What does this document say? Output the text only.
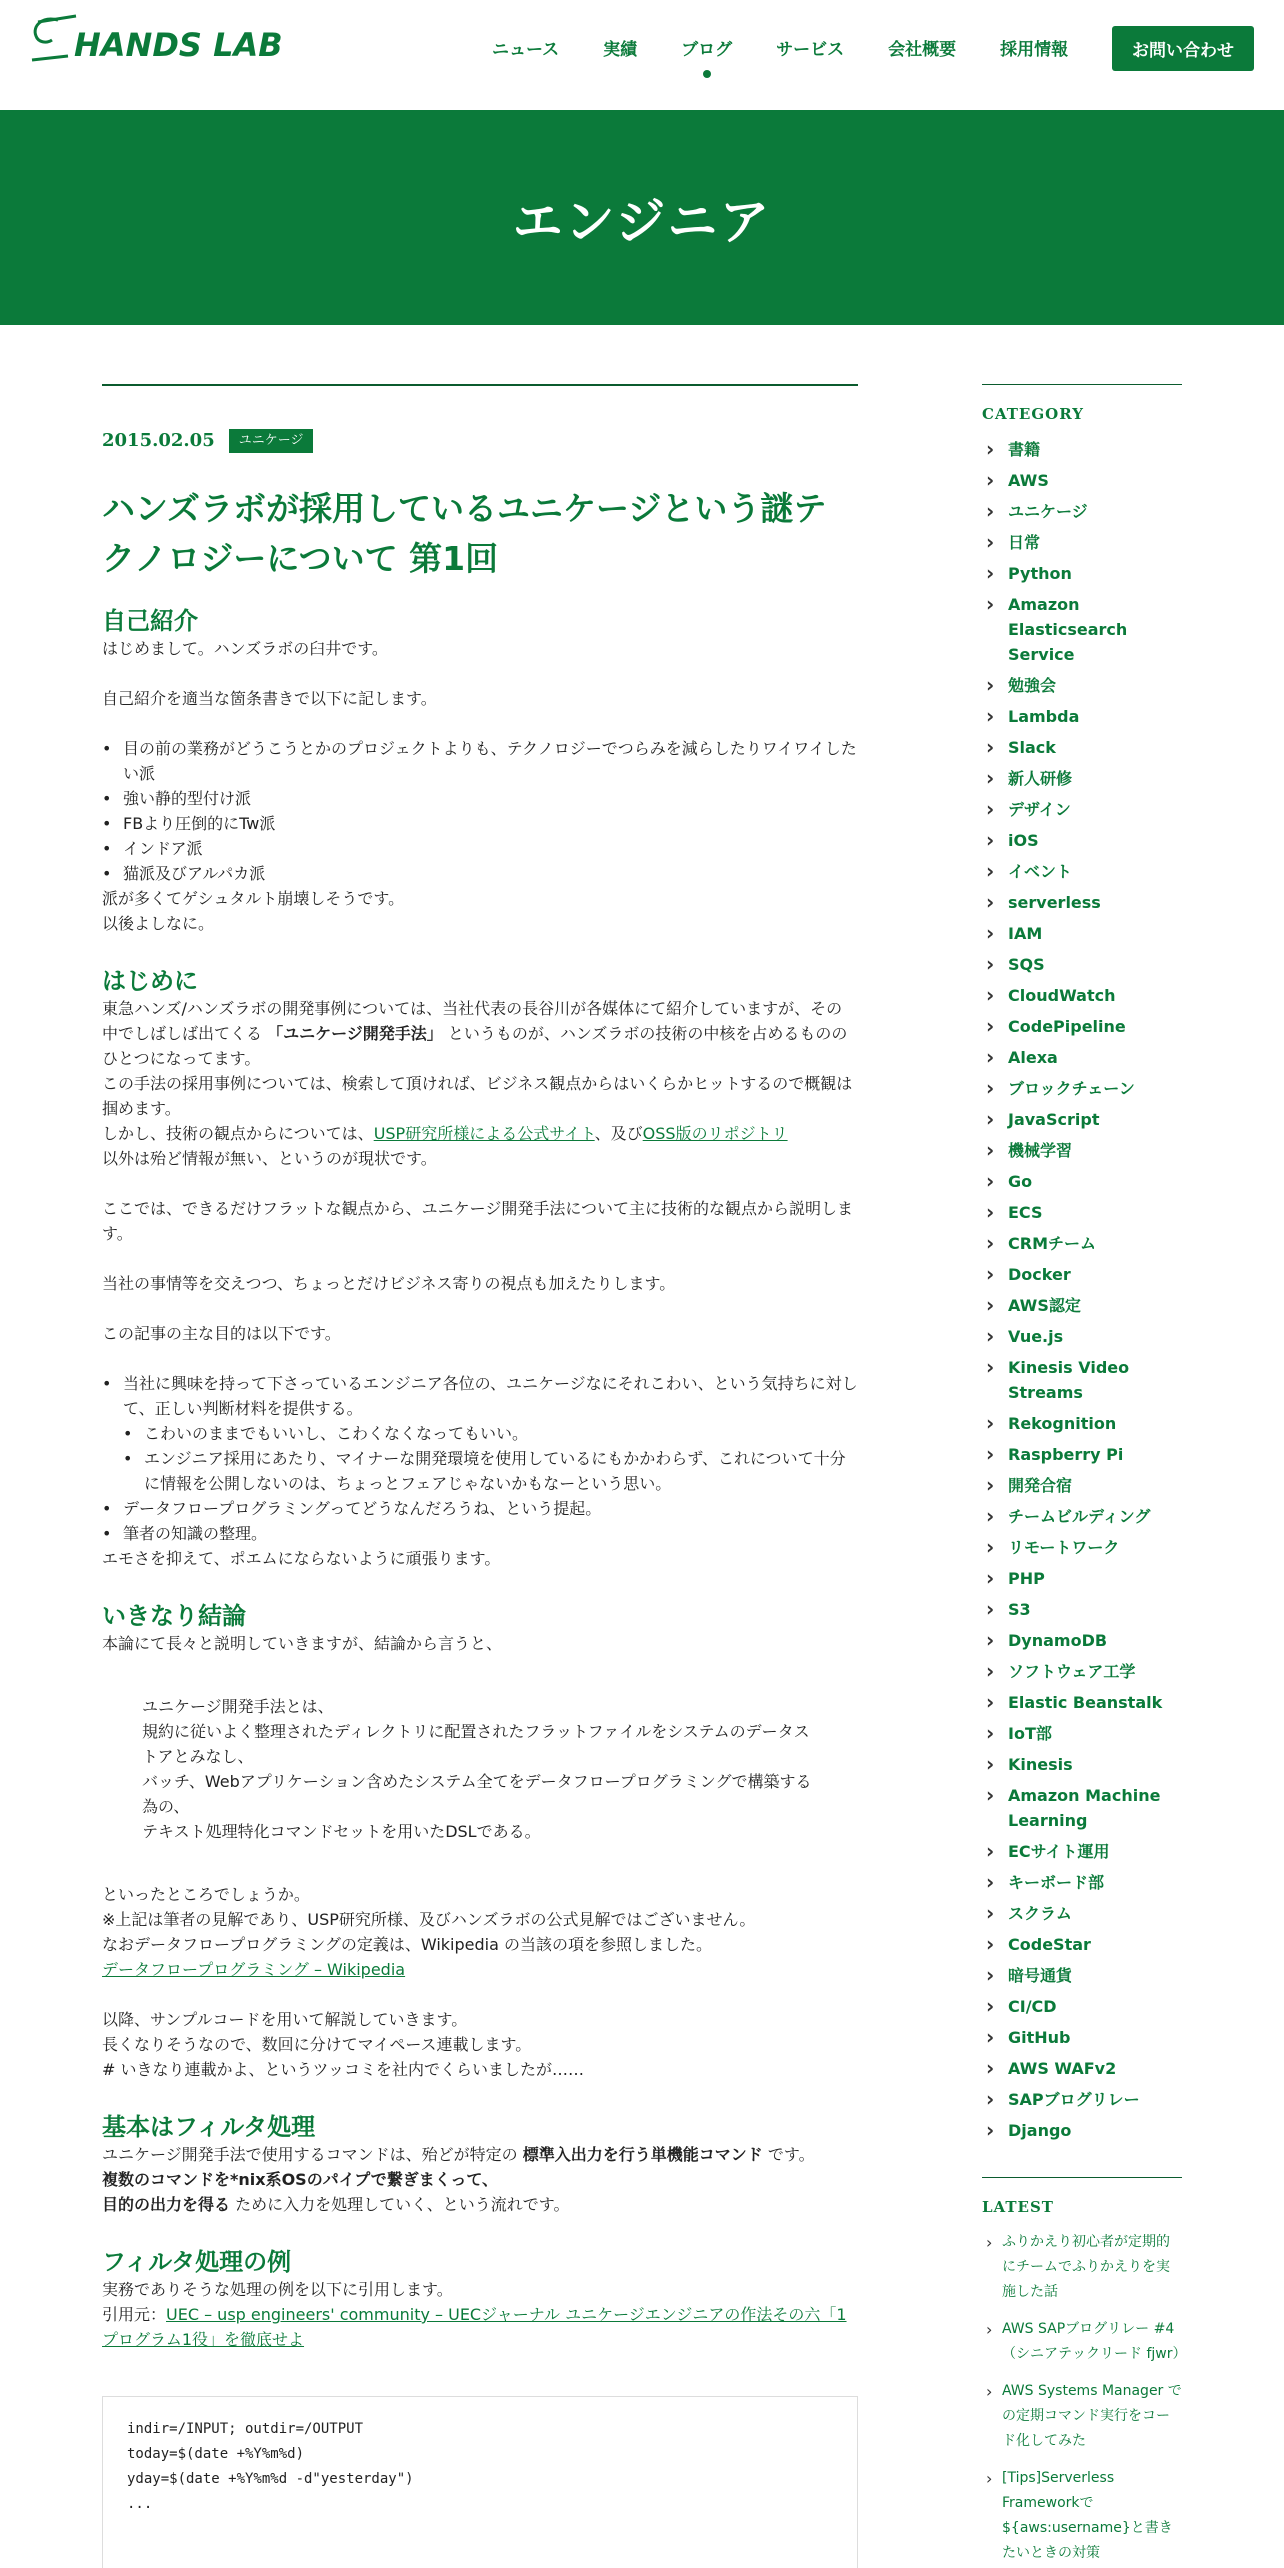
HANDS LAB	ニュース	実績	ブログ	サービス	会社概要	採用情報	お問い合わせ
エンジニア
2015.02.05	ユニケージ
ハンズラボが採用しているユニケージという謎テクノロジーについて 第1回
自己紹介

はじめまして。ハンズラボの臼井です。

自己紹介を適当な箇条書きで以下に記します。

• 目の前の業務がどうこうとかのプロジェクトよりも、テクノロジーでつらみを減らしたりワイワイしたい派
• 強い静的型付け派
• FBより圧倒的にTw派
• インドア派
• 猫派及びアルパカ派

派が多くてゲシュタルト崩壊しそうです。

以後よしなに。

はじめに

東急ハンズ/ハンズラボの開発事例については、当社代表の長谷川が各媒体にて紹介していますが、その中でしばしば出てくる 「ユニケージ開発手法」 というものが、ハンズラボの技術の中核を占めるもののひとつになってます。

この手法の採用事例については、検索して頂ければ、ビジネス観点からはいくらかヒットするので概観は掴めます。

しかし、技術の観点からについては、USP研究所様による公式サイト、及びOSS版のリポジトリ
以外は殆ど情報が無い、というのが現状です。

ここでは、できるだけフラットな観点から、ユニケージ開発手法について主に技術的な観点から説明します。

当社の事情等を交えつつ、ちょっとだけビジネス寄りの視点も加えたりします。

この記事の主な目的は以下です。

• 当社に興味を持って下さっているエンジニア各位の、ユニケージなにそれこわい、という気持ちに対して、正しい判断材料を提供する。
• こわいのままでもいいし、こわくなくなってもいい。
• エンジニア採用にあたり、マイナーな開発環境を使用しているにもかかわらず、これについて十分に情報を公開しないのは、ちょっとフェアじゃないかもなーという思い。
• データフロープログラミングってどうなんだろうね、という提起。
• 筆者の知識の整理。

エモさを抑えて、ポエムにならないように頑張ります。

いきなり結論

本論にて長々と説明していきますが、結論から言うと、

ユニケージ開発手法とは、

規約に従いよく整理されたディレクトリに配置されたフラットファイルをシステムのデータストアとみなし、

バッチ、Webアプリケーション含めたシステム全てをデータフロープログラミングで構築する為の、

テキスト処理特化コマンドセットを用いたDSLである。

といったところでしょうか。

※上記は筆者の見解であり、USP研究所様、及びハンズラボの公式見解ではございません。

なおデータフロープログラミングの定義は、Wikipedia の当該の項を参照しました。

データフロープログラミング – Wikipedia

以降、サンプルコードを用いて解説していきます。

長くなりそうなので、数回に分けてマイペース連載します。

# いきなり連載かよ、というツッコミを社内でくらいましたが……

基本はフィルタ処理

ユニケージ開発手法で使用するコマンドは、殆どが特定の 標準入出力を行う単機能コマンド です。

複数のコマンドを*nix系OSのパイプで繋ぎまくって、

目的の出力を得る ために入力を処理していく、という流れです。

フィルタ処理の例

実務でありそうな処理の例を以下に引用します。

引用元：UEC – usp engineers' community – UECジャーナル ユニケージエンジニアの作法その六「1プログラム1役」を徹底せよ

indir=/INPUT; outdir=/OUTPUT
today=$(date +%Y%m%d)
yday=$(date +%Y%m%d -d"yesterday")
...
CATEGORY
› 書籍
› AWS
› ユニケージ
› 日常
› Python
› Amazon Elasticsearch Service
› 勉強会
› Lambda
› Slack
› 新人研修
› デザイン
› iOS
› イベント
› serverless
› IAM
› SQS
› CloudWatch
› CodePipeline
› Alexa
› ブロックチェーン
› JavaScript
› 機械学習
› Go
› ECS
› CRMチーム
› Docker
› AWS認定
› Vue.js
› Kinesis Video Streams
› Rekognition
› Raspberry Pi
› 開発合宿
› チームビルディング
› リモートワーク
› PHP
› S3
› DynamoDB
› ソフトウェア工学
› Elastic Beanstalk
› IoT部
› Kinesis
› Amazon Machine Learning
› ECサイト運用
› キーボード部
› スクラム
› CodeStar
› 暗号通貨
› CI/CD
› GitHub
› AWS WAFv2
› SAPブログリレー
› Django
LATEST
› ふりかえり初心者が定期的にチームでふりかえりを実施した話
› AWS SAPブログリレー #4（シニアテックリード fjwr）
› AWS Systems Manager での定期コマンド実行をコード化してみた
› [Tips]Serverless Frameworkで ${aws:username}と書きたいときの対策
